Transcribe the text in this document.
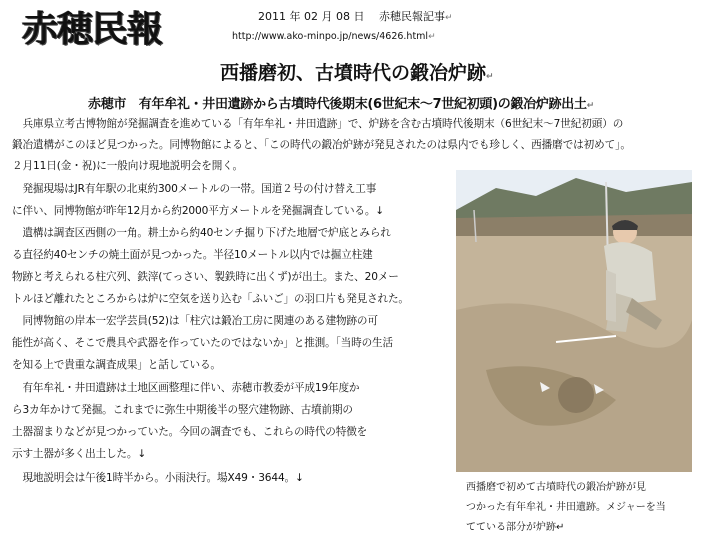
赤穂民報	2011 年 02 月 08 日　 赤穂民報記事↵
http://www.ako-minpo.jp/news/4626.html↵
西播磨初、古墳時代の鍛冶炉跡↵
赤穂市　有年牟礼・井田遺跡から古墳時代後期末(6世紀末～7世紀初頭)の鍛冶炉跡出土↵
　兵庫県立考古博物館が発掘調査を進めている「有年牟礼・井田遺跡」で、炉跡を含む古墳時代後期末（6世紀末～7世紀初頭）の
鍛冶遺構がこのほど見つかった。同博物館によると、「この時代の鍛冶炉跡が発見されたのは県内でも珍しく、西播磨では初めて」。
２月11日(金・祝)に一般向け現地説明会を開く。
　発掘現場はJR有年駅の北東約300メートルの一帯。国道２号の付け替え工事
に伴い、同博物館が昨年12月から約2000平方メートルを発掘調査している。↓
　遺構は調査区西側の一角。耕土から約40センチ掘り下げた地層で炉底とみられ
る直径約40センチの焼土面が見つかった。半径10メートル以内では掘立柱建
物跡と考えられる柱穴列、鉄滓(てっさい、製鉄時に出くず)が出土。また、20メー
トルほど離れたところからは炉に空気を送り込む「ふいご」の羽口片も発見された。
　同博物館の岸本一宏学芸員(52)は「柱穴は鍛冶工房に関連のある建物跡の可
能性が高く、そこで農具や武器を作っていたのではないか」と推測。「当時の生活
を知る上で貴重な調査成果」と話している。
　有年牟礼・井田遺跡は土地区画整理に伴い、赤穂市教委が平成19年度か
ら3カ年かけて発掘。これまでに弥生中期後半の竪穴建物跡、古墳前期の
土器溜まりなどが見つかっていた。今回の調査でも、これらの時代の特徴を
示す土器が多く出土した。↓
　現地説明会は午後1時半から。小雨決行。場X49・3644。↓
西播磨で初めて古墳時代の鍛冶炉跡が見
つかった有年牟礼・井田遺跡。メジャーを当
てている部分が炉跡↵
